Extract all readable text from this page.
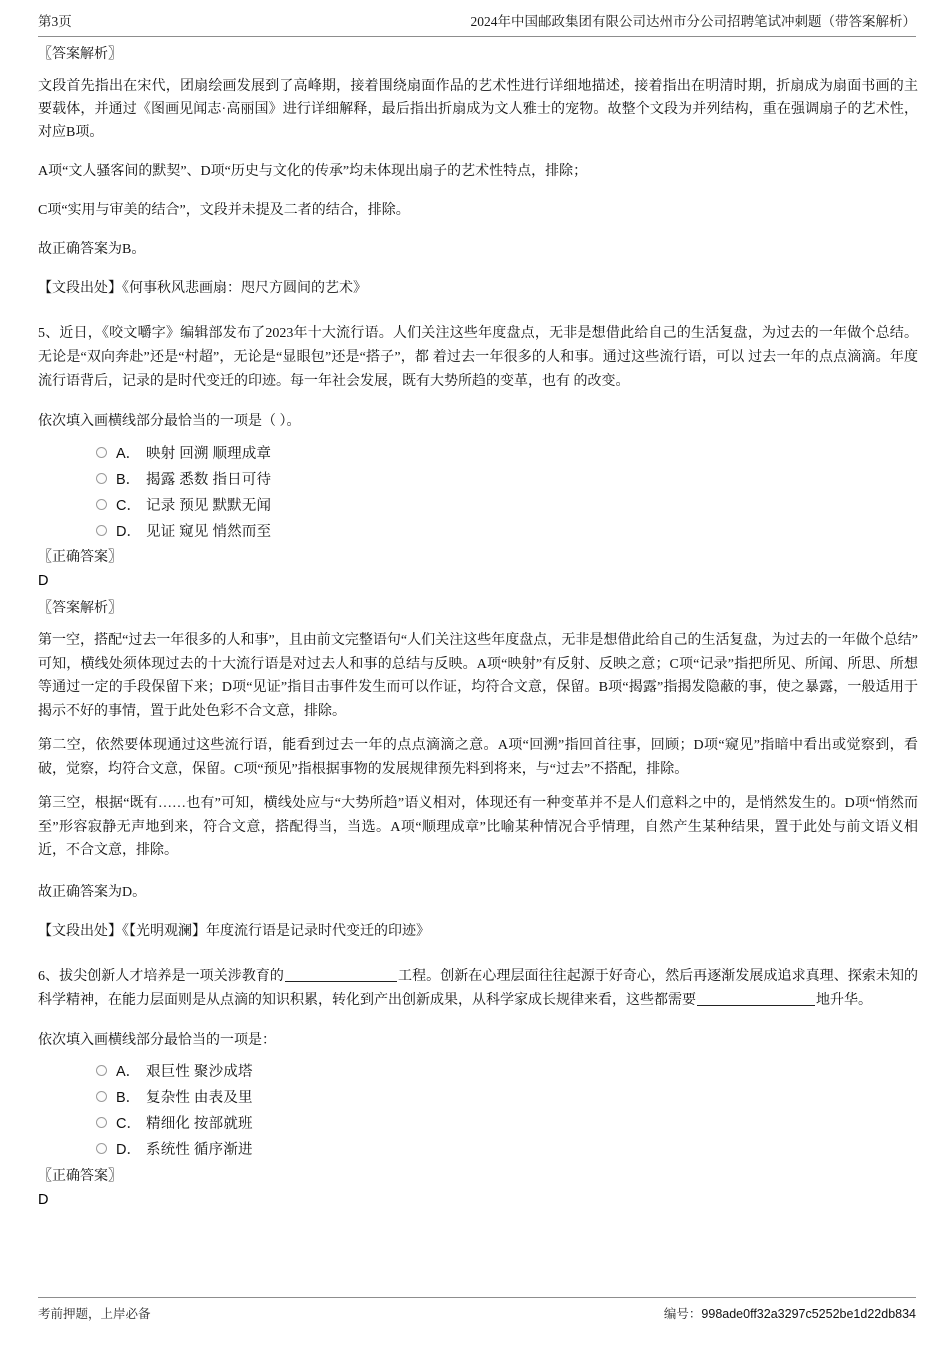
第3页	2024年中国邮政集团有限公司达州市分公司招聘笔试冲刺题（带答案解析）
〖答案解析〗
文段首先指出在宋代，团扇绘画发展到了高峰期，接着围绕扇面作品的艺术性进行详细地描述，接着指出在明清时期，折扇成为扇面书画的主要载体，并通过《图画见闻志·高丽国》进行详细解释，最后指出折扇成为文人雅士的宠物。故整个文段为并列结构，重在强调扇子的艺术性，对应B项。
A项“文人骚客间的默契”、D项“历史与文化的传承”均未体现出扇子的艺术性特点，排除；
C项“实用与审美的结合”，文段并未提及二者的结合，排除。
故正确答案为B。
【文段出处】《何事秋风悲画扇：咫尺方圆间的艺术》
5、近日，《咬文嚼字》编辑部发布了2023年十大流行语。人们关注这些年度盘点，无非是想借此给自己的生活复盘，为过去的一年做个总结。无论是“双向奔赴”还是“村超”，无论是“显眼包”还是“搭子”，都 着过去一年很多的人和事。通过这些流行语，可以 过去一年的点点滴滴。年度流行语背后，记录的是时代变迁的印迹。每一年社会发展，既有大势所趋的变革，也有 的改变。
依次填入画横线部分最恰当的一项是（ ）。
A． 映射 回溯 顺理成章
B． 揭露 悉数 指日可待
C． 记录 预见 默默无闻
D． 见证 窥见 悄然而至
〖正确答案〗
D
〖答案解析〗
第一空，搭配“过去一年很多的人和事”，且由前文完整语句“人们关注这些年度盘点，无非是想借此给自己的生活复盘，为过去的一年做个总结”可知，横线处须体现过去的十大流行语是对过去人和事的总结与反映。A项“映射”有反射、反映之意；C项“记录”指把所见、所闻、所思、所想等通过一定的手段保留下来；D项“见证”指目击事件发生而可以作证，均符合文意，保留。B项“揭露”指揭发隐蔽的事，使之暴露，一般适用于揭示不好的事情，置于此处色彩不合文意，排除。
第二空，依然要体现通过这些流行语，能看到过去一年的点点滴滴之意。A项“回溯”指回首往事，回顾；D项“窥见”指暗中看出或觉察到，看破，觉察，均符合文意，保留。C项“预见”指根据事物的发展规律预先料到将来，与“过去”不搭配，排除。
第三空，根据“既有……也有”可知，横线处应与“大势所趋”语义相对，体现还有一种变革并不是人们意料之中的，是悄然发生的。D项“悄然而至”形容寂静无声地到来，符合文意，搭配得当，当选。A项“顺理成章”比喻某种情况合乎情理，自然产生某种结果，置于此处与前文语义相近，不合文意，排除。
故正确答案为D。
【文段出处】《【光明观澜】年度流行语是记录时代变迁的印迹》
6、拔尖创新人才培养是一项关涉教育的	工程。创新在心理层面往往起源于好奇心，然后再逐渐发展成追求真理、探索未知的科学精神，在能力层面则是从点滴的知识积累，转化到产出创新成果，从科学家成长规律来看，这些都需要	地升华。
依次填入画横线部分最恰当的一项是：
A． 艰巨性 聚沙成塔
B． 复杂性 由表及里
C． 精细化 按部就班
D． 系统性 循序渐进
〖正确答案〗
D
考前押题，上岸必备	编号：998ade0ff32a3297c5252be1d22db834
